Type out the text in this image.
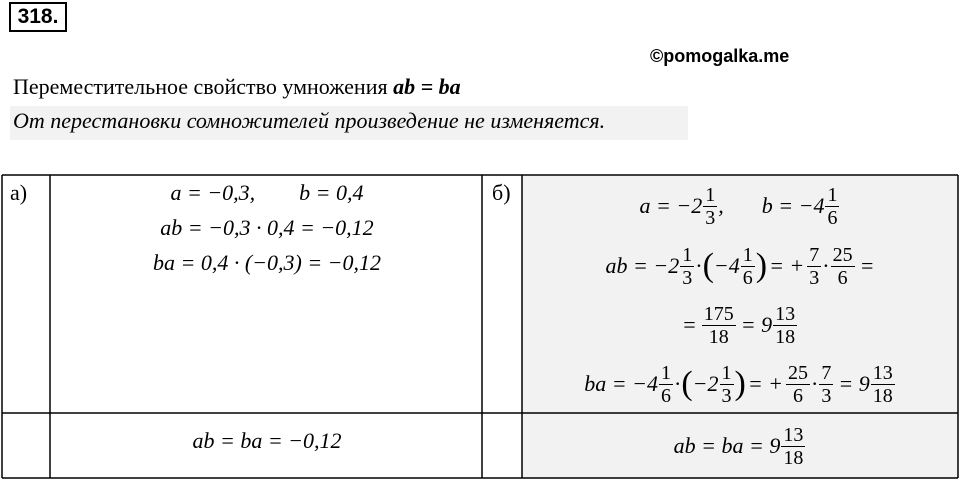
318.
©pomogalka.me
Переместительное свойство умножения ab = ba
От перестановки сомножителей произведение не изменяется.
а)	a = −0,3,        b = 0,4
ab = −0,3 · 0,4 = −0,12
ba = 0,4 · (−0,3) = −0,12
ab = ba = −0,12
б)
a = −2 1
3 , b = −4 1
6
ab = −2 1
3 · ( −4 1
6 ) = + $\frac{7}{3} \cdot \frac{25}{6}$ =
= $\frac{175}{18} = 9$ 13
18
ba = −4 1
6 · ( −2 1
3 ) = + $\frac{25}{6} \cdot \frac{7}{3} = 9$ 13
18
ab = ba = 9 13
18
